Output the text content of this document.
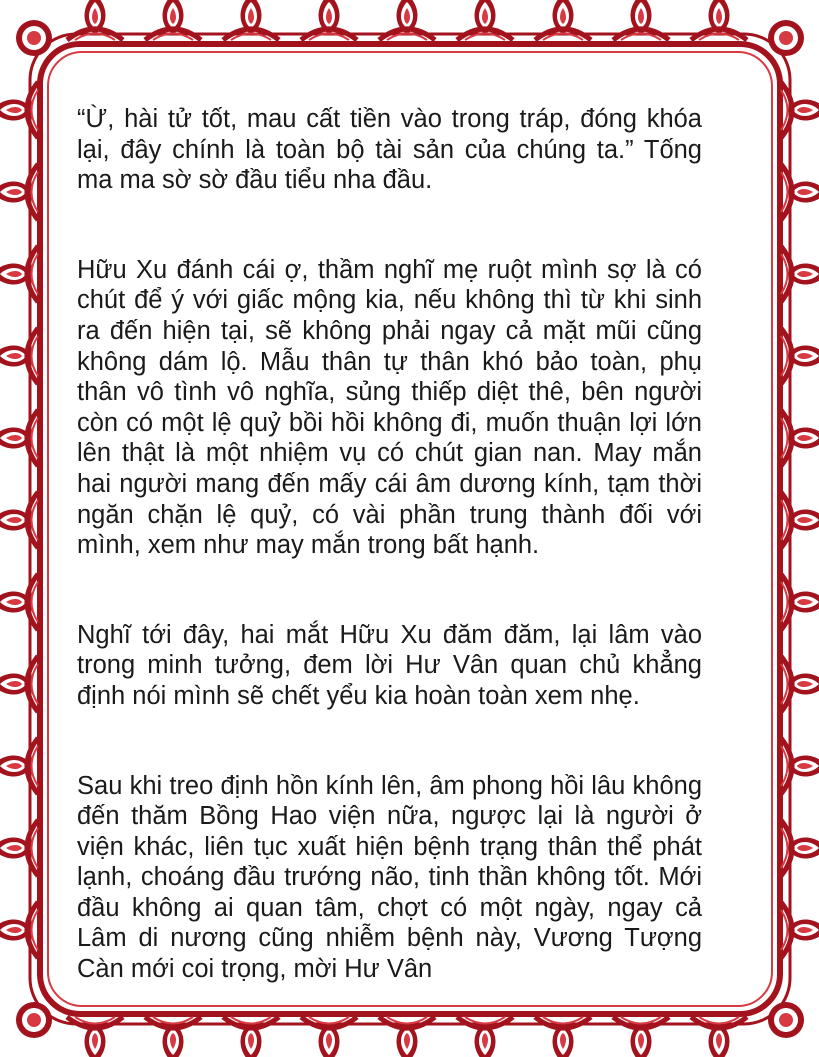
“Ừ, hài tử tốt, mau cất tiền vào trong tráp, đóng khóa lại, đây chính là toàn bộ tài sản của chúng ta.” Tống ma ma sờ sờ đầu tiểu nha đầu.

Hữu Xu đánh cái ợ, thầm nghĩ mẹ ruột mình sợ là có chút để ý với giấc mộng kia, nếu không thì từ khi sinh ra đến hiện tại, sẽ không phải ngay cả mặt mũi cũng không dám lộ. Mẫu thân tự thân khó bảo toàn, phụ thân vô tình vô nghĩa, sủng thiếp diệt thê, bên người còn có một lệ quỷ bồi hồi không đi, muốn thuận lợi lớn lên thật là một nhiệm vụ có chút gian nan. May mắn hai người mang đến mấy cái âm dương kính, tạm thời ngăn chặn lệ quỷ, có vài phần trung thành đối với mình, xem như may mắn trong bất hạnh.

Nghĩ tới đây, hai mắt Hữu Xu đăm đăm, lại lâm vào trong minh tưởng, đem lời Hư Vân quan chủ khẳng định nói mình sẽ chết yểu kia hoàn toàn xem nhẹ.

Sau khi treo định hồn kính lên, âm phong hồi lâu không đến thăm Bồng Hao viện nữa, ngược lại là người ở viện khác, liên tục xuất hiện bệnh trạng thân thể phát lạnh, choáng đầu trướng não, tinh thần không tốt. Mới đầu không ai quan tâm, chợt có một ngày, ngay cả Lâm di nương cũng nhiễm bệnh này, Vương Tượng Càn mới coi trọng, mời Hư Vân
